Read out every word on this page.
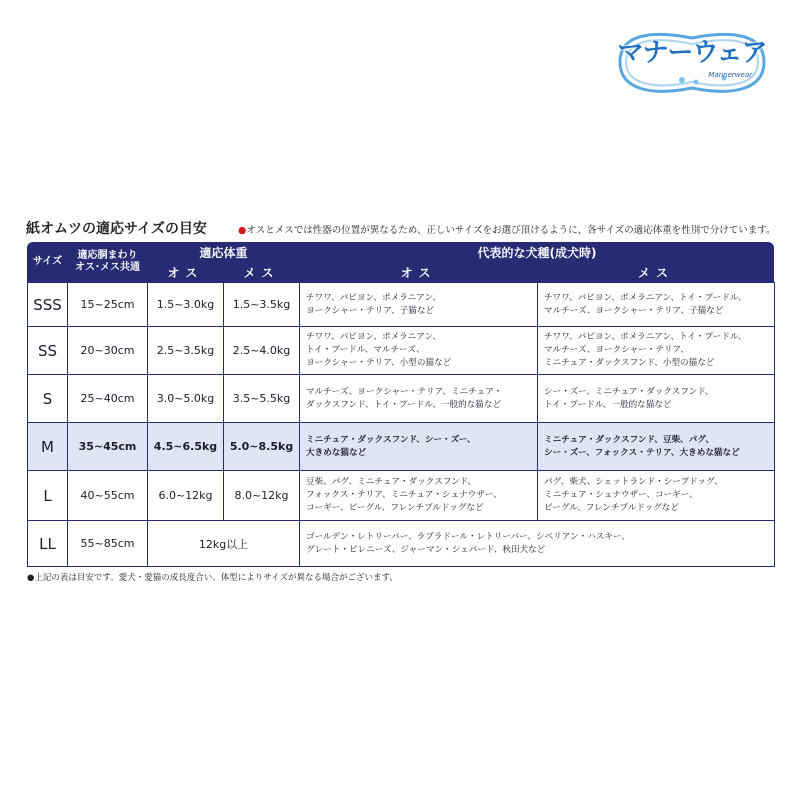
マナーウェア
Mannerwear
紙オムツの適応サイズの目安	●オスとメスでは性器の位置が異なるため、正しいサイズをお選び頂けるように、各サイズの適応体重を性別で分けています。
サイズ	適応胴まわり
オス･メス共通	適応体重		代表的な犬種(成犬時)	
		オス	メス	オス	メス
SSS	15~25cm	1.5~3.0kg	1.5~3.5kg	チワワ、パピヨン、ポメラニアン、
ヨークシャー・テリア、子猫など	チワワ、パピヨン、ポメラニアン、トイ・プードル、
マルチーズ、ヨークシャー・テリア、子猫など
SS	20~30cm	2.5~3.5kg	2.5~4.0kg	チワワ、パピヨン、ポメラニアン、
トイ・プードル、マルチーズ、
ヨークシャー・テリア、小型の猫など	チワワ、パピヨン、ポメラニアン、トイ・プードル、
マルチーズ、ヨークシャー・テリア、
ミニチュア・ダックスフンド、小型の猫など
S	25~40cm	3.0~5.0kg	3.5~5.5kg	マルチーズ、ヨークシャー・テリア、ミニチュア・
ダックスフンド、トイ・プードル、一般的な猫など	シー・ズー、ミニチュア・ダックスフンド、
トイ・プードル、一般的な猫など
M	35~45cm	4.5~6.5kg	5.0~8.5kg	ミニチュア・ダックスフンド、シー・ズー、
大きめな猫など	ミニチュア・ダックスフンド、豆柴、パグ、
シー・ズー、フォックス・テリア、大きめな猫など
L	40~55cm	6.0~12kg	8.0~12kg	豆柴、パグ、ミニチュア・ダックスフンド、
フォックス・テリア、ミニチュア・シュナウザー、
コーギー、ビーグル、フレンチブルドッグなど	パグ、柴犬、シェットランド・シープドッグ、
ミニチュア・シュナウザー、コーギー、
ビーグル、フレンチブルドッグなど
LL	55~85cm	12kg以上		ゴールデン・レトリーバー、ラブラドール・レトリーバー、シベリアン・ハスキー、
グレート・ピレニーズ、ジャーマン・シェパード、秋田犬など	
●上記の表は目安です。愛犬・愛猫の成長度合い、体型によりサイズが異なる場合がございます。
